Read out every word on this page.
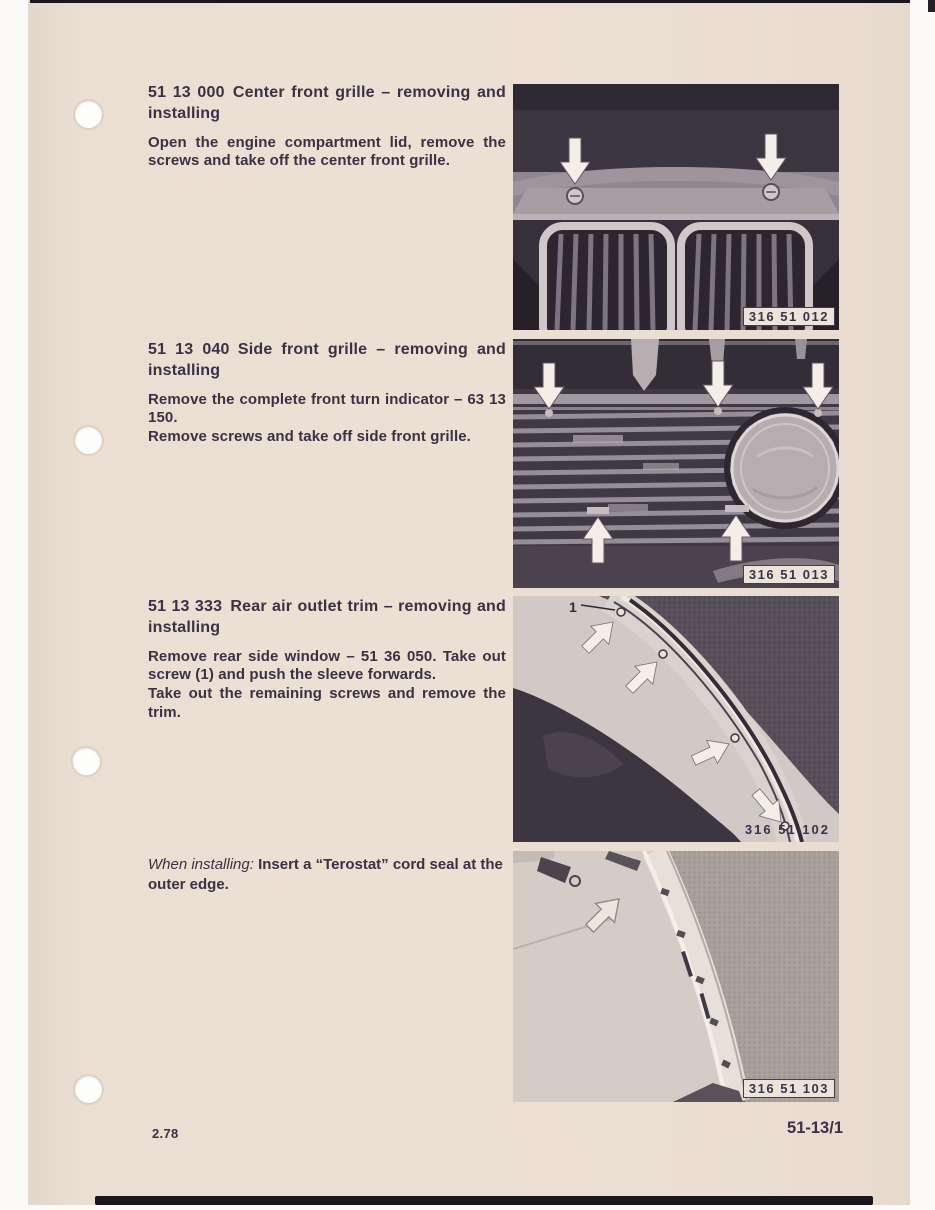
51 13 000 Center front grille – removing and installing

Open the engine compartment lid, remove the screws and take off the center front grille.

316 51 012
51 13 040 Side front grille – removing and installing

Remove the complete front turn indicator – 63 13 150.

Remove screws and take off side front grille.

316 51 013
51 13 333 Rear air outlet trim – removing and installing

Remove rear side window – 51 36 050. Take out screw (1) and push the sleeve forwards.

Take out the remaining screws and remove the trim.

1
316 51 102

When installing: Insert a “Terostat” cord seal at the outer edge.

316 51 103
2.78	51-13/1
